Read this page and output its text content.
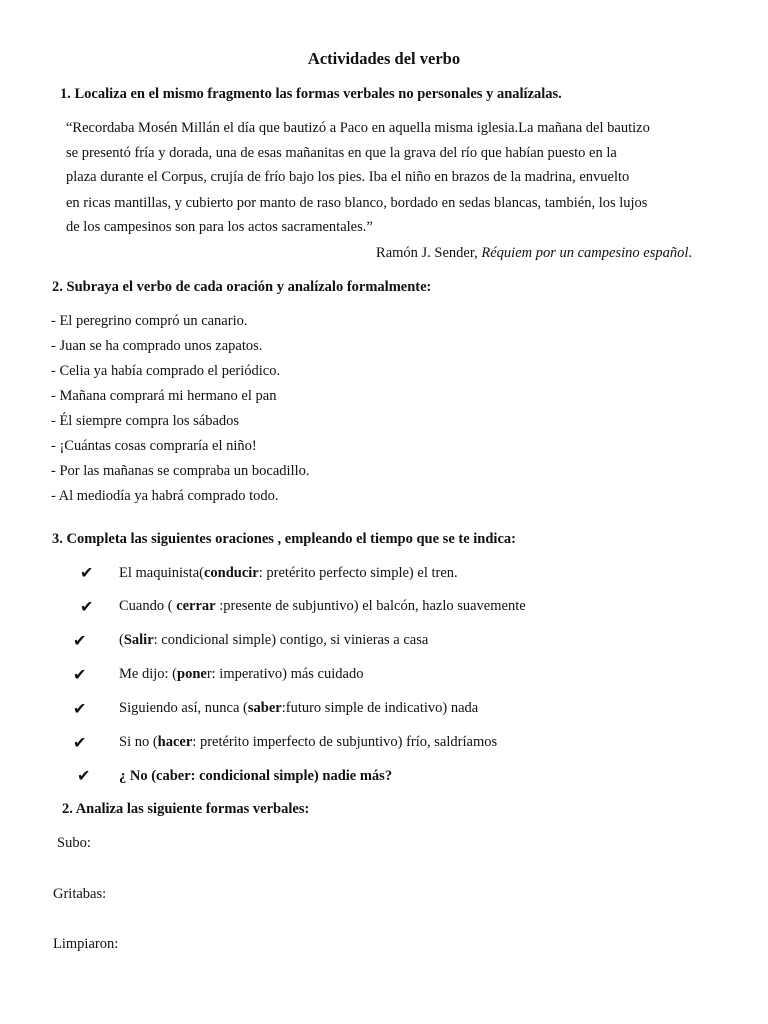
Actividades del verbo
1. Localiza en el mismo fragmento las formas verbales no personales y analízalas.
“Recordaba Mosén Millán el día que bautizó a Paco en aquella misma iglesia.La mañana del bautizo
se presentó fría y dorada, una de esas mañanitas en que la grava del río que habían puesto en la
plaza durante el Corpus, crujía de frío bajo los pies. Iba el niño en brazos de la madrina, envuelto
en ricas mantillas, y cubierto por manto de raso blanco, bordado en sedas blancas, también, los lujos
de los campesinos son para los actos sacramentales.”
Ramón J. Sender, Réquiem por un campesino español.
2. Subraya el verbo de cada oración y analízalo formalmente:
- El peregrino compró un canario.
- Juan se ha comprado unos zapatos.
- Celia ya había comprado el periódico.
- Mañana comprará mi hermano el pan
- Él siempre compra los sábados
- ¡Cuántas cosas compraría el niño!
- Por las mañanas se compraba un bocadillo.
- Al mediodía ya habrá comprado todo.
3. Completa las siguientes oraciones , empleando el tiempo que se te indica:
✔ El maquinista(conducir: pretérito perfecto simple) el tren.
✔ Cuando ( cerrar :presente de subjuntivo) el balcón, hazlo suavemente
✔ (Salir: condicional simple) contigo, si vinieras a casa
✔ Me dijo: (poner: imperativo) más cuidado
✔ Siguiendo así, nunca (saber:futuro simple de indicativo) nada
✔ Si no (hacer: pretérito imperfecto de subjuntivo) frío, saldríamos
✔ ¿ No (caber: condicional simple) nadie más?
2. Analiza las siguiente formas verbales:
Subo:
Gritabas:
Limpiaron:
